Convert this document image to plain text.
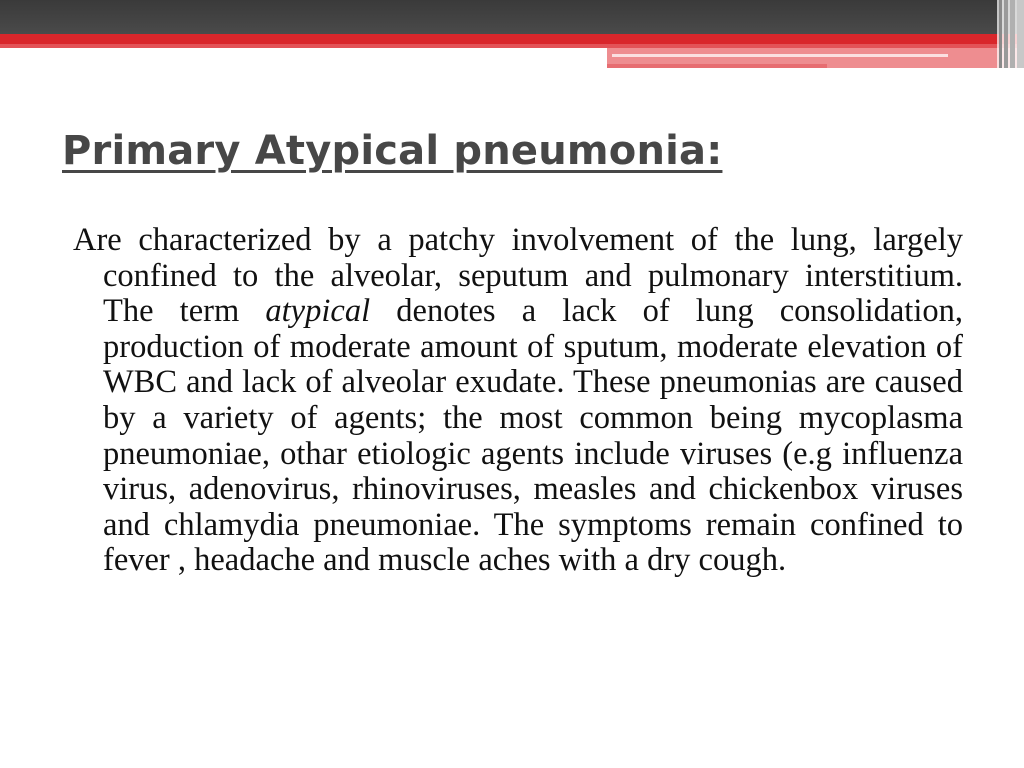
Primary Atypical pneumonia:

Are characterized by a patchy involvement of the lung, largely confined to the alveolar, seputum and pulmonary interstitium. The term atypical denotes a lack of lung consolidation, production of moderate amount of sputum, moderate elevation of WBC and lack of alveolar exudate. These pneumonias are caused by a variety of agents; the most common being mycoplasma pneumoniae, othar etiologic agents include viruses (e.g influenza virus, adenovirus, rhinoviruses, measles and chickenbox viruses and chlamydia pneumoniae. The symptoms remain confined to fever , headache and muscle aches with a dry cough.
